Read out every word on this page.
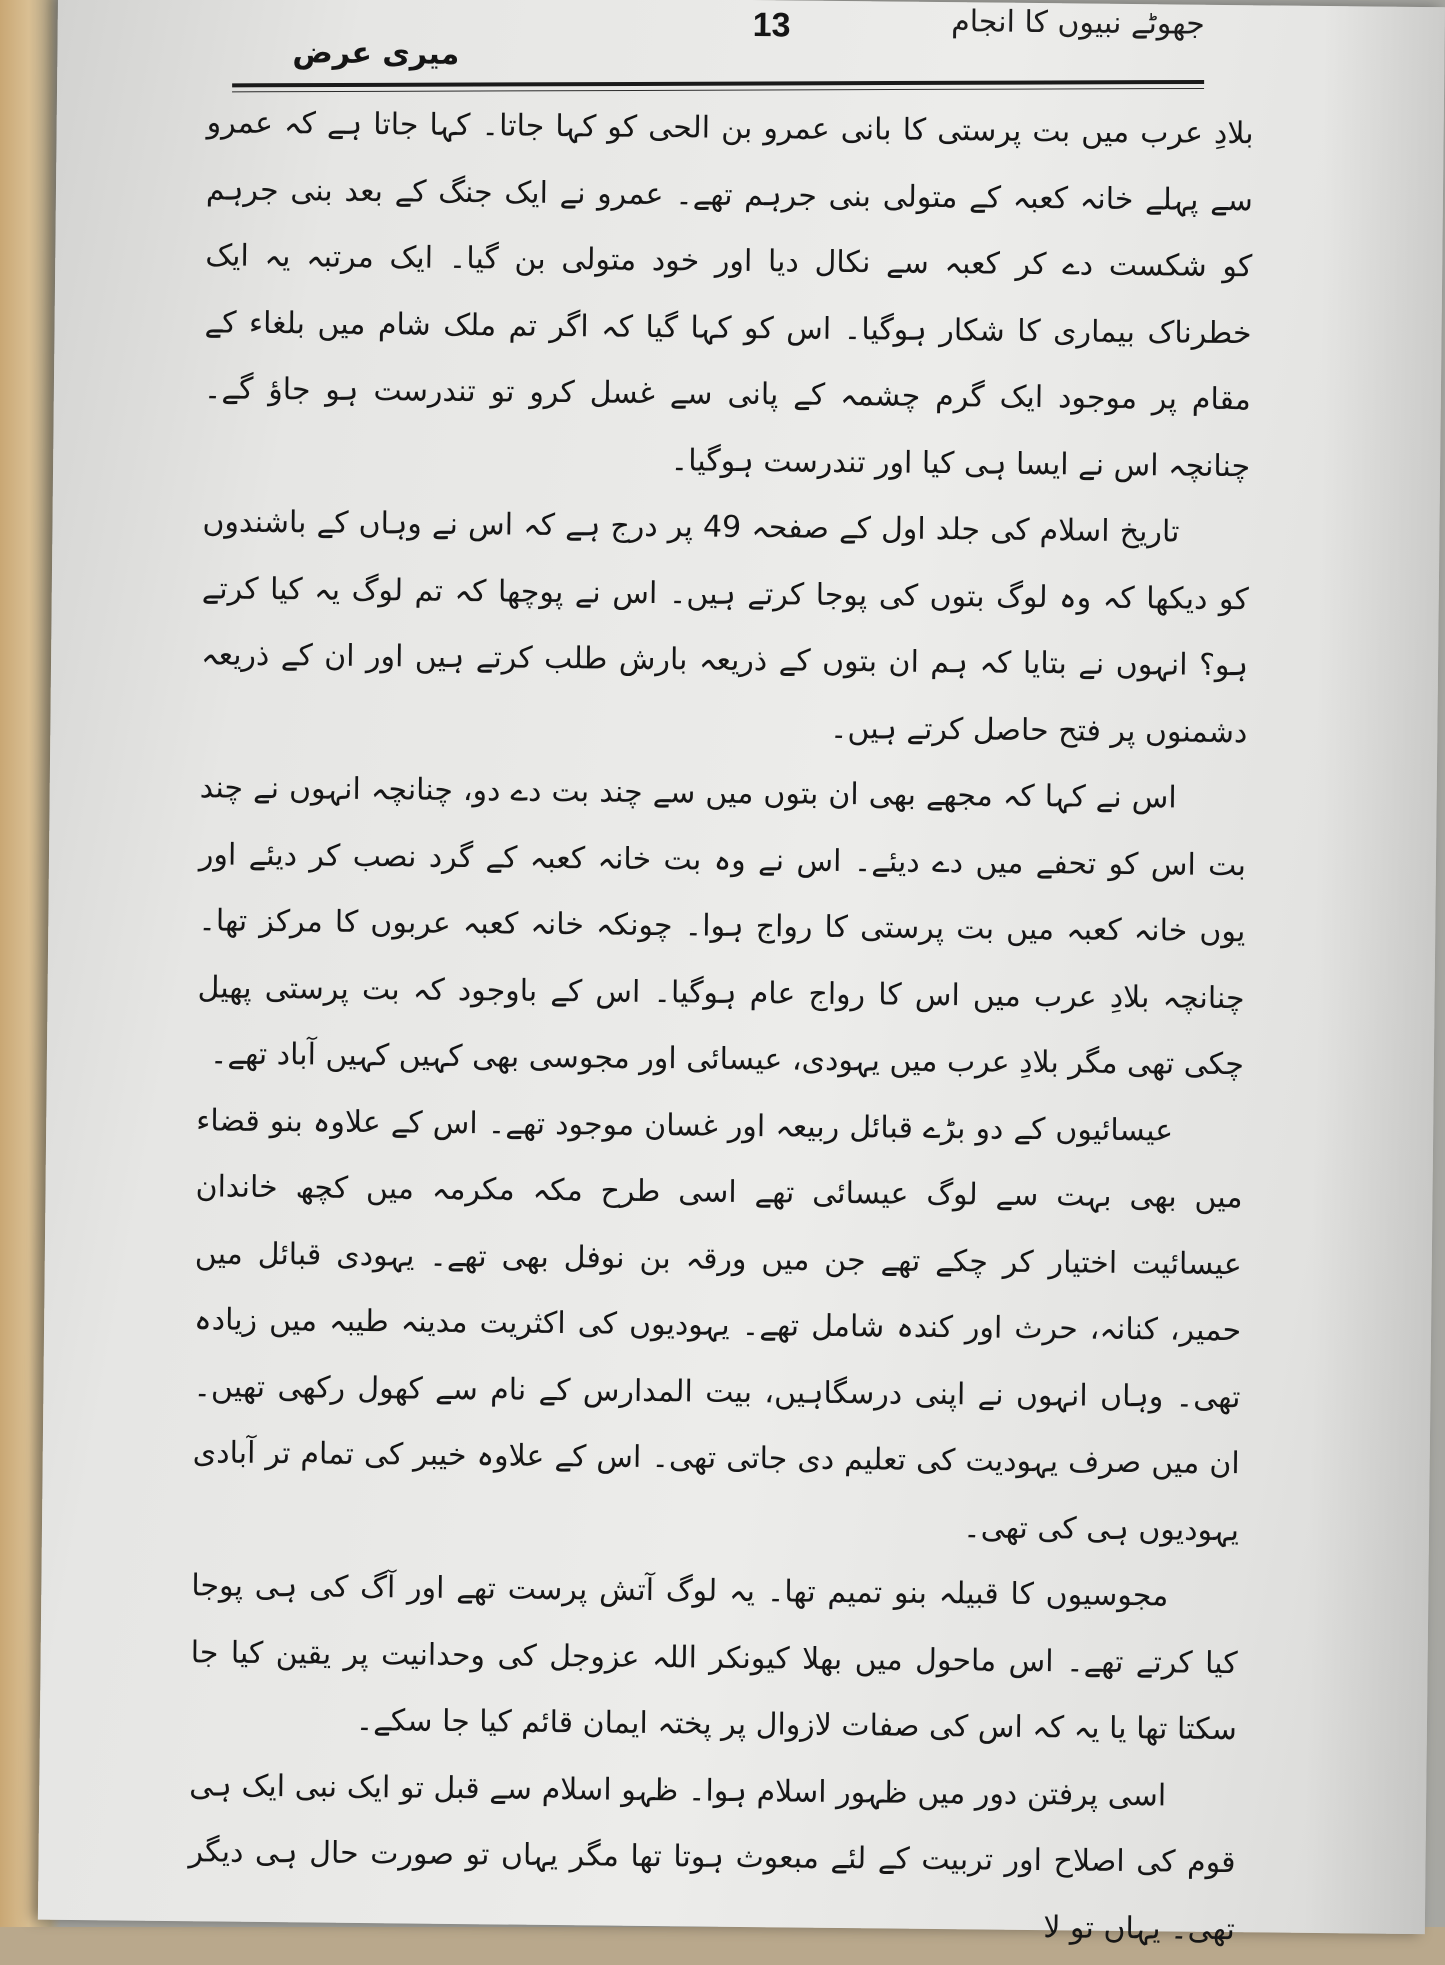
جھوٹے نبیوں کا انجام
13
میری عرض

بلادِ عرب میں بت پرستی کا بانی عمرو بن الحی کو کہا جاتا۔ کہا جاتا ہے کہ عمرو سے پہلے خانہ کعبہ کے متولی بنی جرہم تھے۔ عمرو نے ایک جنگ کے بعد بنی جرہم کو شکست دے کر کعبہ سے نکال دیا اور خود متولی بن گیا۔ ایک مرتبہ یہ ایک خطرناک بیماری کا شکار ہوگیا۔ اس کو کہا گیا کہ اگر تم ملک شام میں بلغاء کے مقام پر موجود ایک گرم چشمہ کے پانی سے غسل کرو تو تندرست ہو جاؤ گے۔ چنانچہ اس نے ایسا ہی کیا اور تندرست ہوگیا۔

تاریخ اسلام کی جلد اول کے صفحہ 49 پر درج ہے کہ اس نے وہاں کے باشندوں کو دیکھا کہ وہ لوگ بتوں کی پوجا کرتے ہیں۔ اس نے پوچھا کہ تم لوگ یہ کیا کرتے ہو؟ انہوں نے بتایا کہ ہم ان بتوں کے ذریعہ بارش طلب کرتے ہیں اور ان کے ذریعہ دشمنوں پر فتح حاصل کرتے ہیں۔

اس نے کہا کہ مجھے بھی ان بتوں میں سے چند بت دے دو، چنانچہ انہوں نے چند بت اس کو تحفے میں دے دیئے۔ اس نے وہ بت خانہ کعبہ کے گرد نصب کر دیئے اور یوں خانہ کعبہ میں بت پرستی کا رواج ہوا۔ چونکہ خانہ کعبہ عربوں کا مرکز تھا۔ چنانچہ بلادِ عرب میں اس کا رواج عام ہوگیا۔ اس کے باوجود کہ بت پرستی پھیل چکی تھی مگر بلادِ عرب میں یہودی، عیسائی اور مجوسی بھی کہیں کہیں آباد تھے۔

عیسائیوں کے دو بڑے قبائل ربیعہ اور غسان موجود تھے۔ اس کے علاوہ بنو قضاء میں بھی بہت سے لوگ عیسائی تھے اسی طرح مکہ مکرمہ میں کچھ خاندان عیسائیت اختیار کر چکے تھے جن میں ورقہ بن نوفل بھی تھے۔ یہودی قبائل میں حمیر، کنانہ، حرث اور کندہ شامل تھے۔ یہودیوں کی اکثریت مدینہ طیبہ میں زیادہ تھی۔ وہاں انہوں نے اپنی درسگاہیں، بیت المدارس کے نام سے کھول رکھی تھیں۔ ان میں صرف یہودیت کی تعلیم دی جاتی تھی۔ اس کے علاوہ خیبر کی تمام تر آبادی یہودیوں ہی کی تھی۔

مجوسیوں کا قبیلہ بنو تمیم تھا۔ یہ لوگ آتش پرست تھے اور آگ کی ہی پوجا کیا کرتے تھے۔ اس ماحول میں بھلا کیونکر اللہ عزوجل کی وحدانیت پر یقین کیا جا سکتا تھا یا یہ کہ اس کی صفات لازوال پر پختہ ایمان قائم کیا جا سکے۔

اسی پرفتن دور میں ظہور اسلام ہوا۔ ظہو اسلام سے قبل تو ایک نبی ایک ہی قوم کی اصلاح اور تربیت کے لئے مبعوث ہوتا تھا مگر یہاں تو صورت حال ہی دیگر تھی۔ یہاں تو لا
